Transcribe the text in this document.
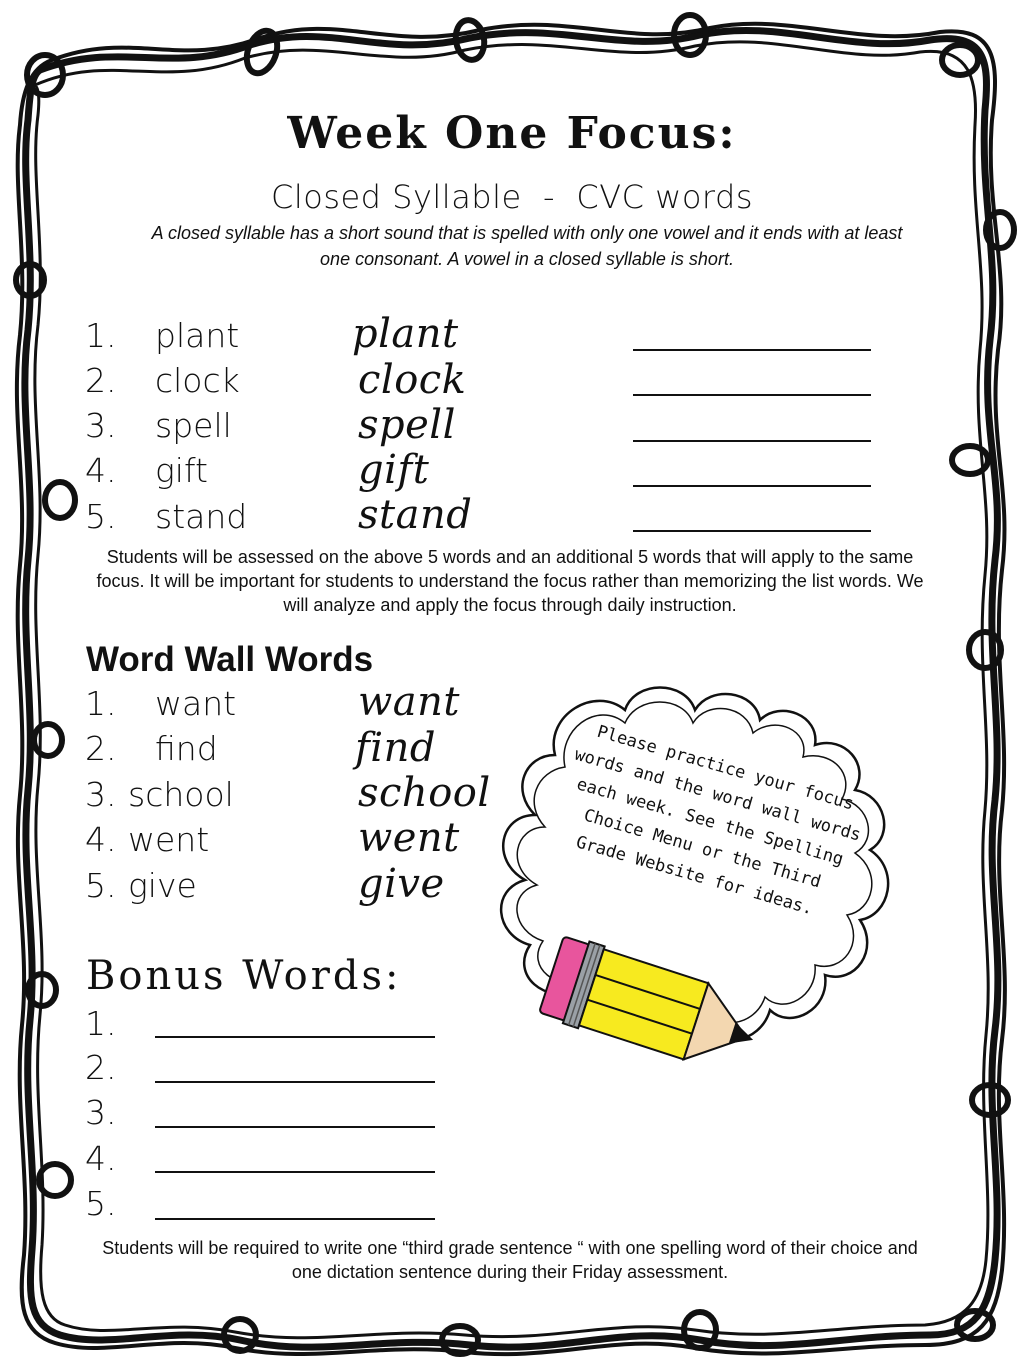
Week One Focus:
Closed Syllable  -  CVC words
A closed syllable has a short sound that is spelled with only one vowel and it ends with at least one consonant. A vowel in a closed syllable is short.
1. plant	plant
2. clock	clock
3. spell	spell
4. gift	gift
5. stand	stand
Students will be assessed on the above 5 words and an additional 5 words that will apply to the same focus. It will be important for students to understand the focus rather than memorizing the list words. We will analyze and apply the focus through daily instruction.
Word Wall Words
1. want	want
2. find	find
3. school	school
4. went	went
5. give	give
Please practice your focus words and the word wall words each week. See the Spelling Choice Menu or the Third Grade Website for ideas.
Bonus Words:
1.
2.
3.
4.
5.
Students will be required to write one “third grade sentence “ with one spelling word of their choice and one dictation sentence during their Friday assessment.
